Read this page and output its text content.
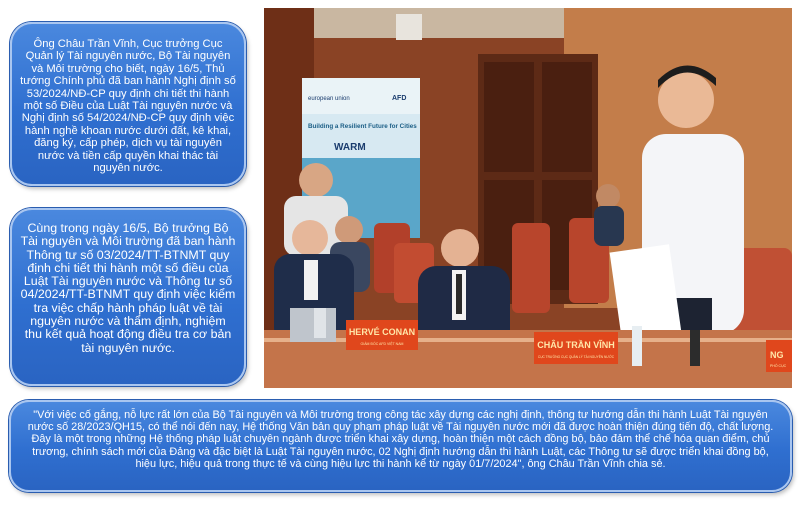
Ông Châu Trần Vĩnh, Cục trưởng Cục Quản lý Tài nguyên nước, Bộ Tài nguyên và Môi trường cho biết, ngày 16/5, Thủ tướng Chính phủ đã ban hành Nghị định số 53/2024/NĐ-CP quy định chi tiết thi hành một số Điều của Luật Tài nguyên nước và Nghị định số 54/2024/NĐ-CP quy định việc hành nghề khoan nước dưới đất, kê khai, đăng ký, cấp phép, dịch vụ tài nguyên nước và tiền cấp quyền khai thác tài nguyên nước.
Cùng trong ngày 16/5, Bộ trưởng Bộ Tài nguyên và Môi trường đã ban hành Thông tư số 03/2024/TT-BTNMT quy định chi tiết thi hành một số điều của Luật Tài nguyên nước và Thông tư số 04/2024/TT-BTNMT quy định việc kiểm tra việc chấp hành pháp luật về tài nguyên nước và thẩm định, nghiệm thu kết quả hoạt động điều tra cơ bản tài nguyên nước.
"Với việc cố gắng, nỗ lực rất lớn của Bộ Tài nguyên và Môi trường trong công tác xây dựng các nghị định, thông tư hướng dẫn thi hành Luật Tài nguyên nước số 28/2023/QH15, có thể nói đến nay, Hệ thống Văn bản quy phạm pháp luật về Tài nguyên nước mới đã được hoàn thiện đúng tiến độ, chất lượng. Đây là một trong những Hệ thống pháp luật chuyên ngành được triển khai xây dựng, hoàn thiện một cách đồng bộ, bảo đảm thể chế hóa quan điểm, chủ trương, chính sách mới của Đảng và đặc biệt là Luật Tài nguyên nước, 02 Nghị định hướng dẫn thi hành Luật, các Thông tư sẽ được triển khai đồng bộ, hiệu lực, hiệu quả trong thực tế và cùng hiệu lực thi hành kể từ ngày 01/7/2024", ông Châu Trần Vĩnh chia sẻ.
european union	AFD
Building a Resilient Future for Cities
WARM
HERVÉ CONAN
GIÁM ĐỐC AFD VIỆT NAM	CHÂU TRẦN VĨNH
CỤC TRƯỞNG CỤC QUẢN LÝ TÀI NGUYÊN NƯỚC	NG
PHÓ CỤC
